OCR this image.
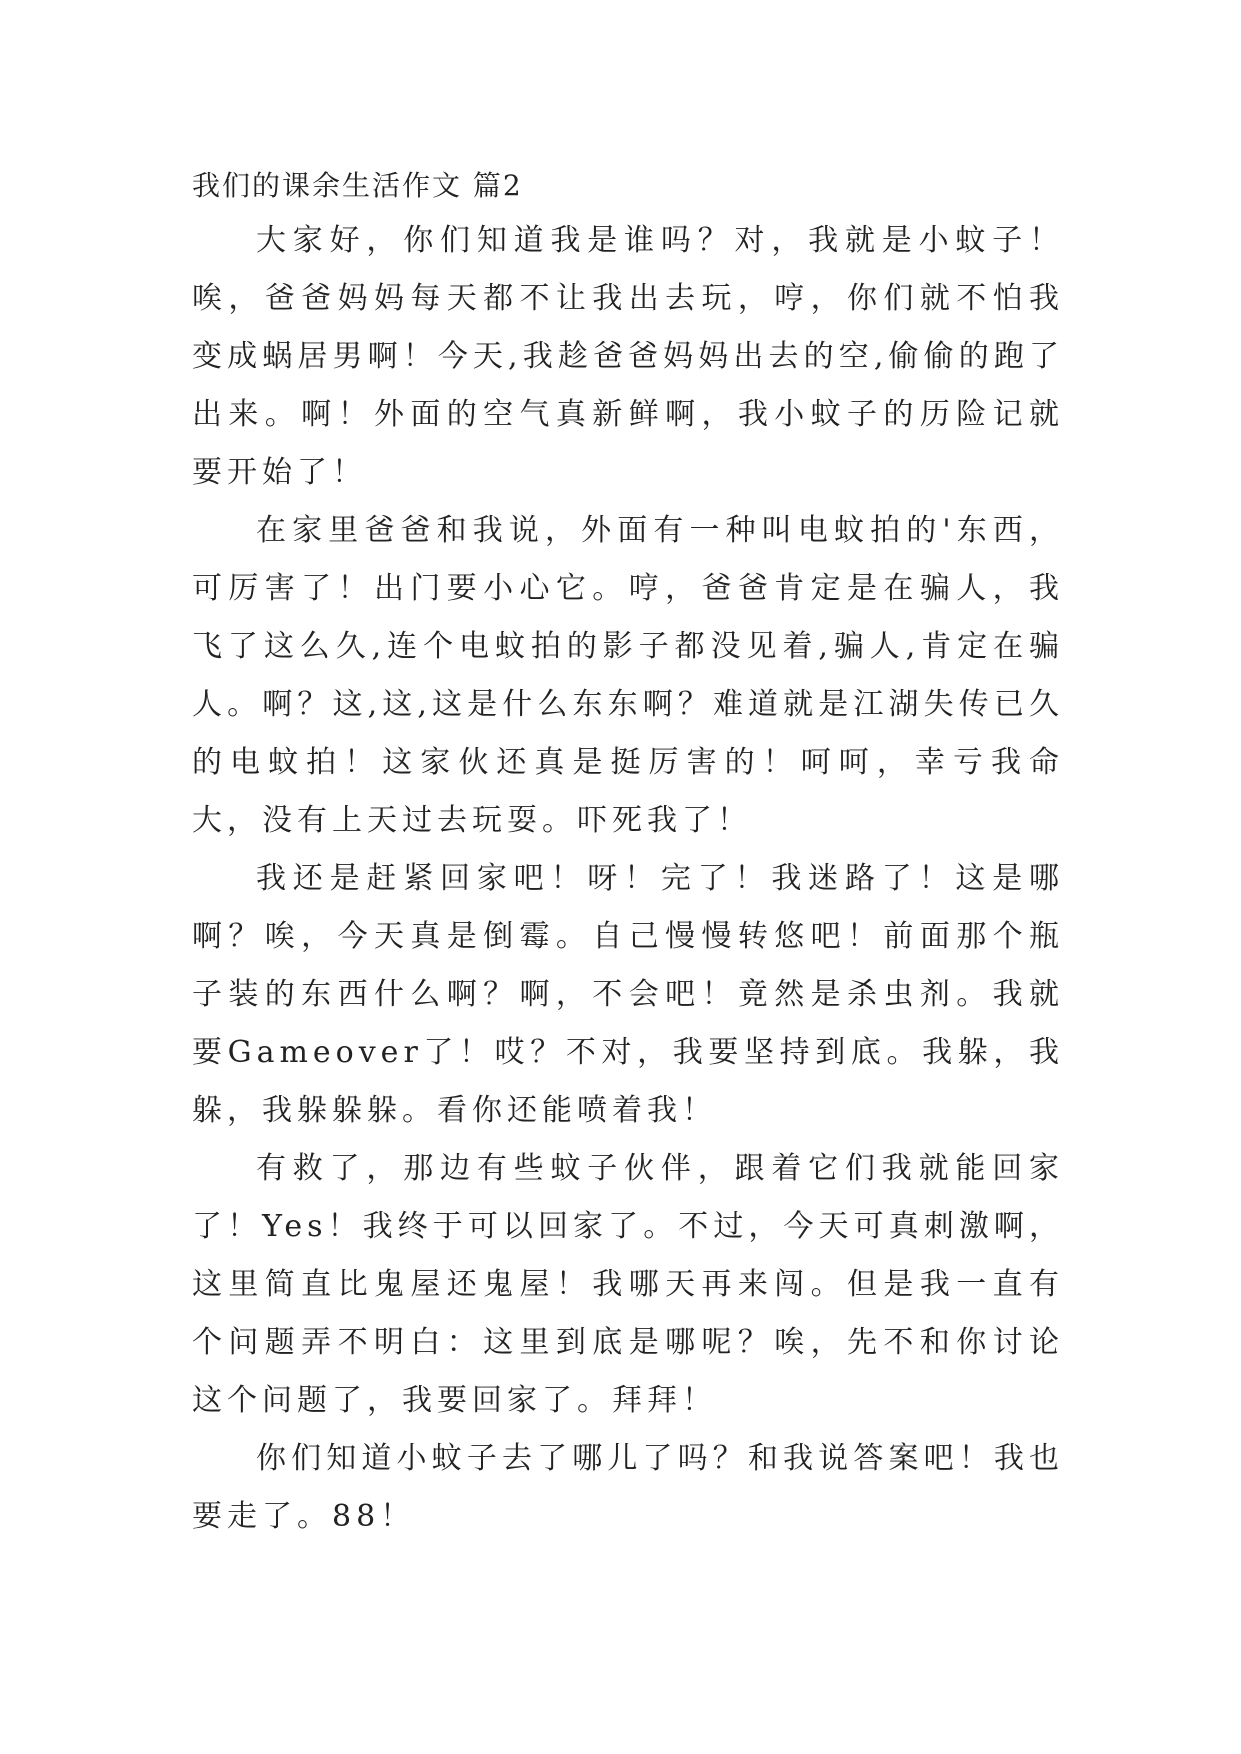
我们的课余生活作文 篇2

大家好，你们知道我是谁吗？对，我就是小蚊子！唉，爸爸妈妈每天都不让我出去玩，哼，你们就不怕我变成蜗居男啊！今天,我趁爸爸妈妈出去的空,偷偷的跑了出来。啊！外面的空气真新鲜啊，我小蚊子的历险记就要开始了！

在家里爸爸和我说，外面有一种叫电蚊拍的'东西，可厉害了！出门要小心它。哼，爸爸肯定是在骗人，我飞了这么久,连个电蚊拍的影子都没见着,骗人,肯定在骗人。啊？这,这,这是什么东东啊？难道就是江湖失传已久的电蚊拍！这家伙还真是挺厉害的！呵呵，幸亏我命大，没有上天过去玩耍。吓死我了！

我还是赶紧回家吧！呀！完了！我迷路了！这是哪啊？唉，今天真是倒霉。自己慢慢转悠吧！前面那个瓶子装的东西什么啊？啊，不会吧！竟然是杀虫剂。我就要Gameover了！哎？不对，我要坚持到底。我躲，我躲，我躲躲躲。看你还能喷着我！

有救了，那边有些蚊子伙伴，跟着它们我就能回家了！Yes！我终于可以回家了。不过，今天可真刺激啊，这里简直比鬼屋还鬼屋！我哪天再来闯。但是我一直有个问题弄不明白：这里到底是哪呢？唉，先不和你讨论这个问题了，我要回家了。拜拜！

你们知道小蚊子去了哪儿了吗？和我说答案吧！我也要走了。88！
